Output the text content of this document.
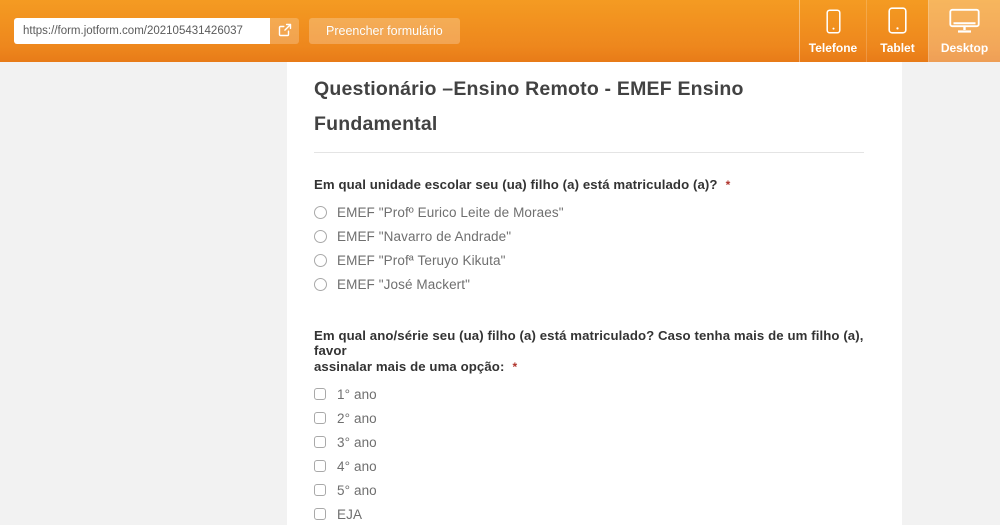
https://form.jotform.com/202105431426037
Preencher formulário
Telefone Tablet Desktop
Questionário –Ensino Remoto - EMEF Ensino Fundamental
Em qual unidade escolar seu (ua) filho (a) está matriculado (a)? *
EMEF "Profº Eurico Leite de Moraes"
EMEF "Navarro de Andrade"
EMEF "Profª Teruyo Kikuta"
EMEF "José Mackert"
Em qual ano/série seu (ua) filho (a) está matriculado? Caso tenha mais de um filho (a), favor
assinalar mais de uma opção: *
1° ano
2° ano
3° ano
4° ano
5° ano
EJA
